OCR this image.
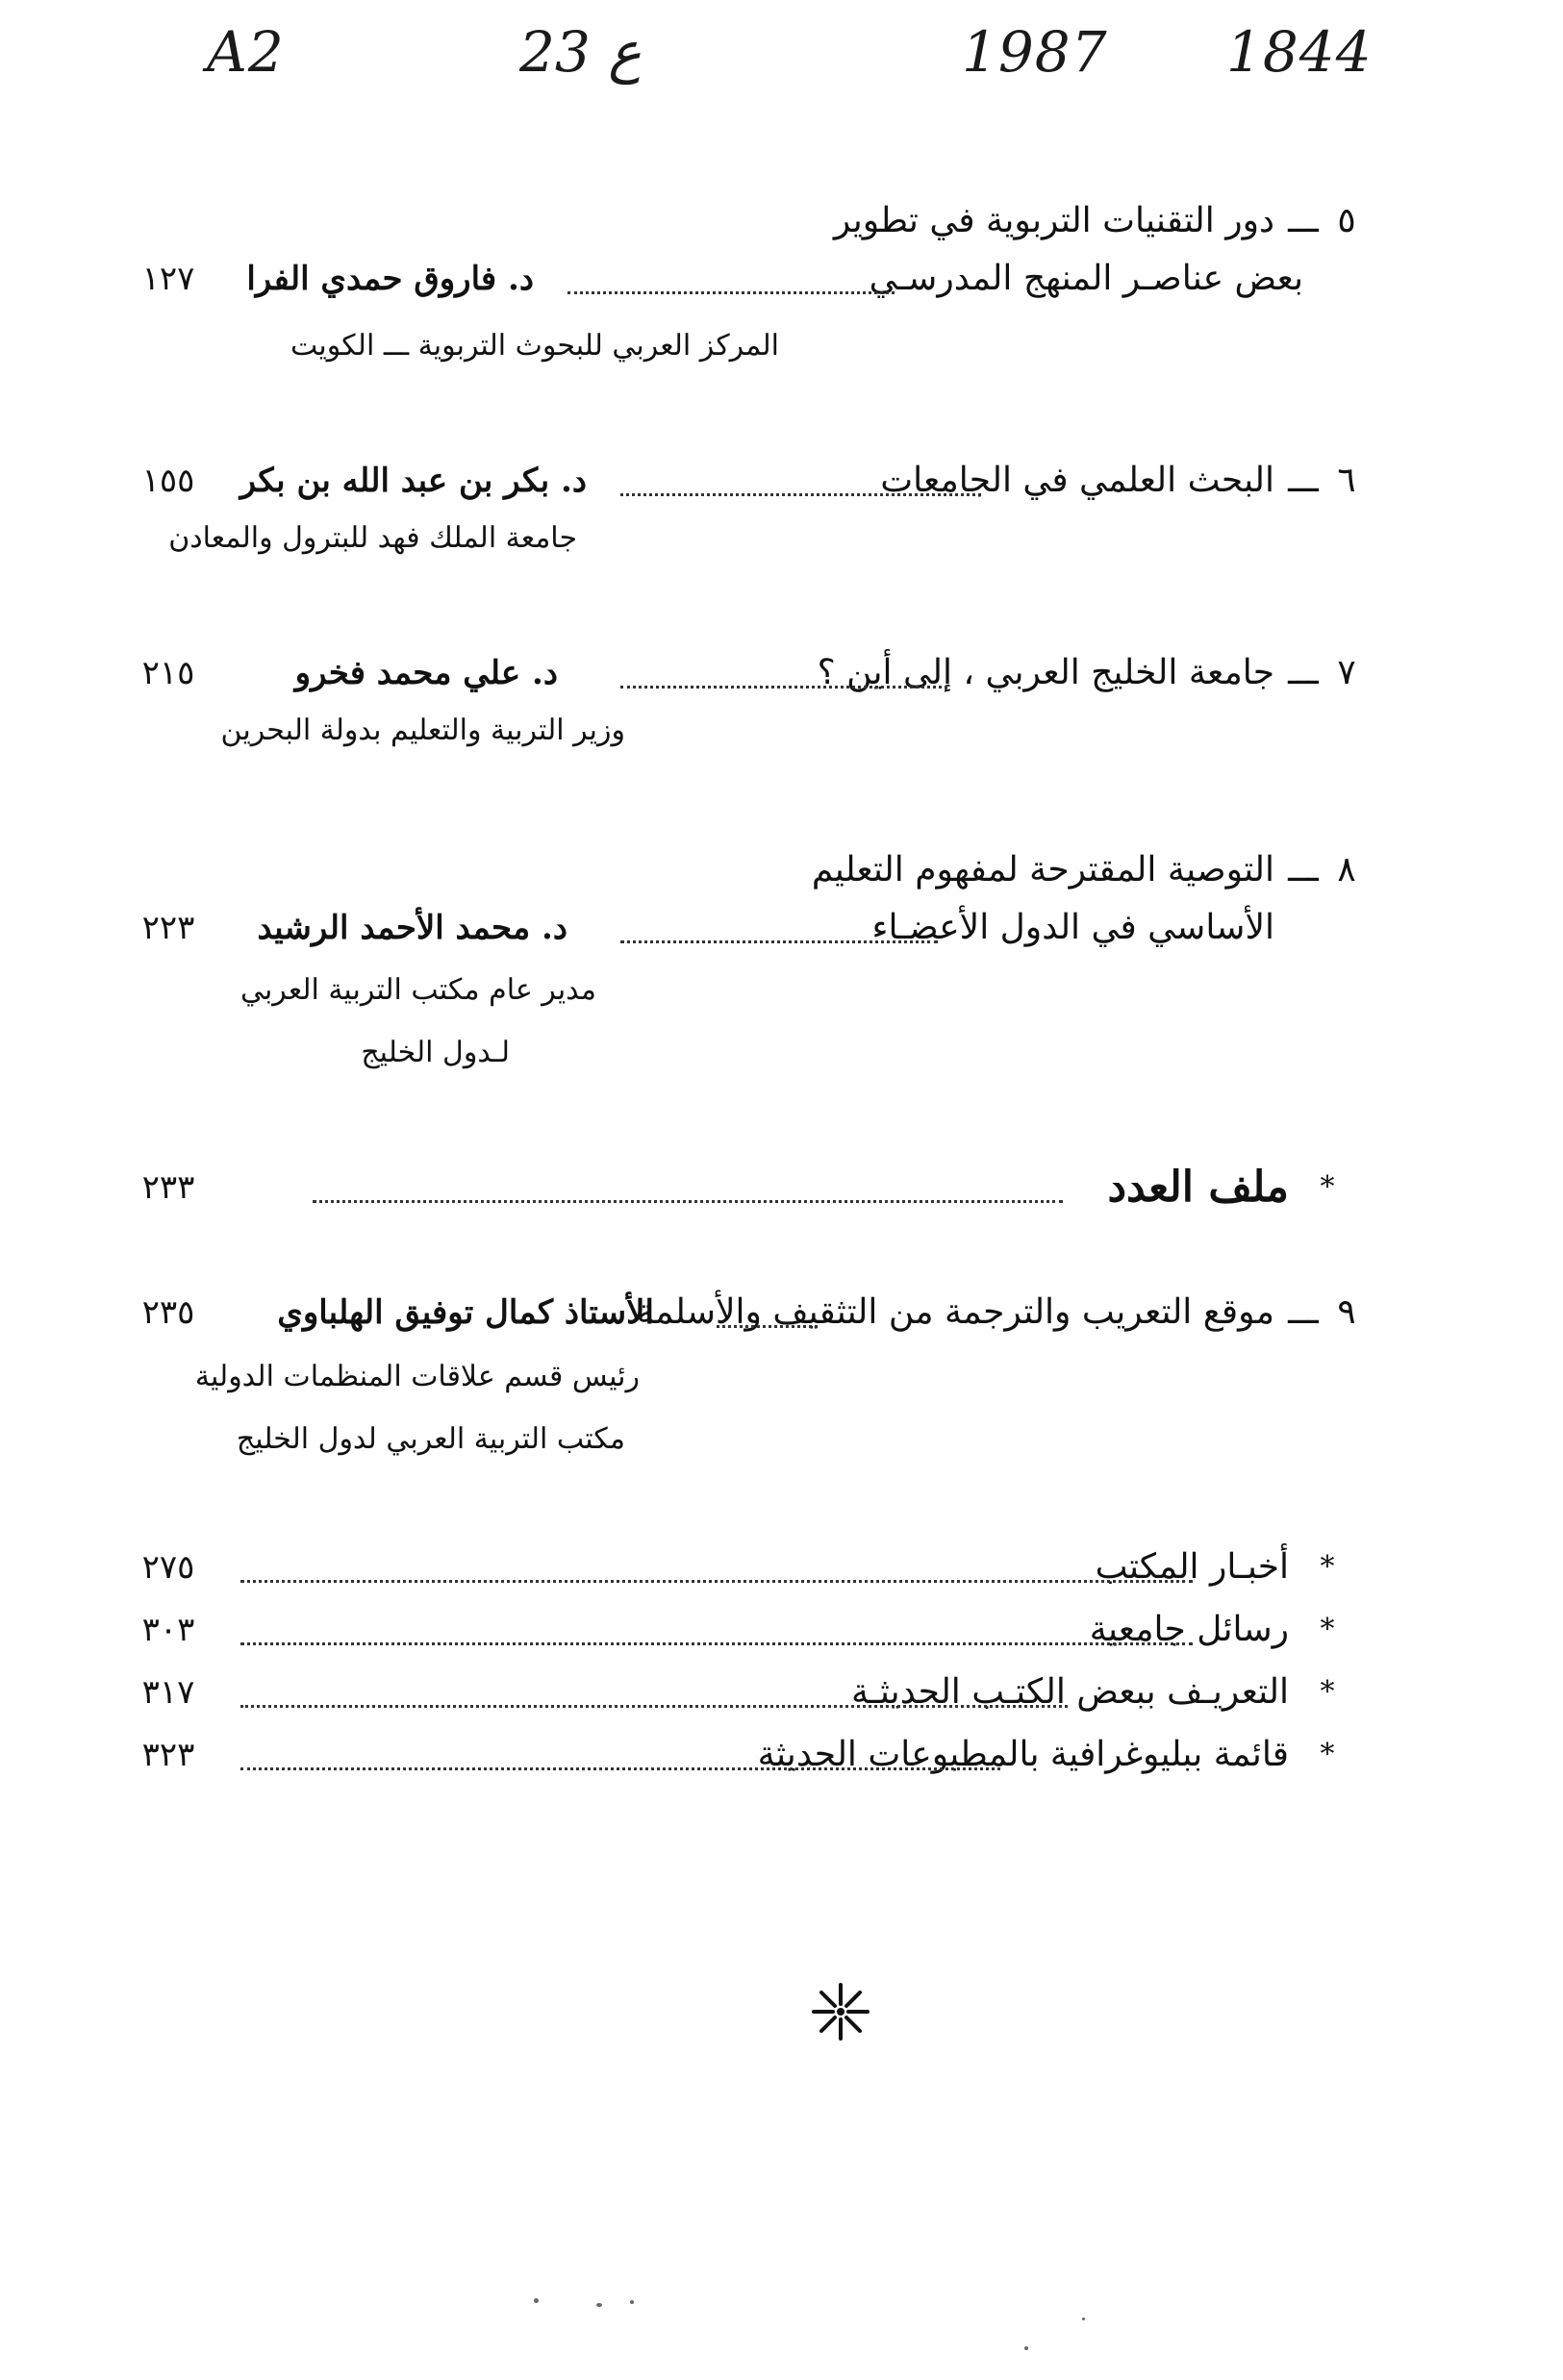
A2	23 ع	1987 1844
٥
ـــ
دور التقنيات التربوية في تطوير
بعض عناصـر المنهج المدرسـي
د. فاروق حمدي الفرا
١٢٧
المركز العربي للبحوث التربوية ـــ الكويت
٦
ـــ
البحث العلمي في الجامعات
د. بكر بن عبد الله بن بكر
١٥٥
جامعة الملك فهد للبترول والمعادن
٧
ـــ
جامعة الخليج العربي ، إلى أين ؟
د. علي محمد فخرو
٢١٥
وزير التربية والتعليم بدولة البحرين
٨
ـــ
التوصية المقترحة لمفهوم التعليم
الأساسي في الدول الأعضـاء
د. محمد الأحمد الرشيد
٢٢٣
مدير عام مكتب التربية العربي
لـدول الخليج
*
ملف العدد
٢٣٣
٩
ـــ
موقع التعريب والترجمة من التثقيف والأسلمة
الأستاذ كمال توفيق الهلباوي
٢٣٥
رئيس قسم علاقات المنظمات الدولية
مكتب التربية العربي لدول الخليج
*
أخبـار المكتب
٢٧٥
*
رسائل جامعية
٣٠٣
*
التعريـف ببعض الكتـب الحديثـة
٣١٧
*
قائمة ببليوغرافية بالمطبوعات الحديثة
٣٢٣
